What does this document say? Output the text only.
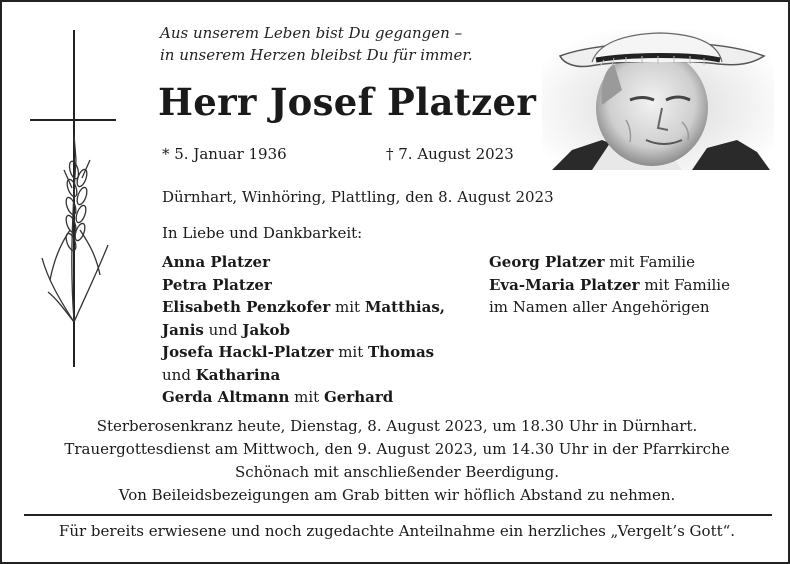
Aus unserem Leben bist Du gegangen –
in unserem Herzen bleibst Du für immer.
Herr Josef Platzer
* 5. Januar 1936	† 7. August 2023
Dürnhart, Winhöring, Plattling, den 8. August 2023
In Liebe und Dankbarkeit:
Anna Platzer
Petra Platzer
Elisabeth Penzkofer mit Matthias,
Janis und Jakob
Josefa Hackl-Platzer mit Thomas
und Katharina
Gerda Altmann mit Gerhard
Georg Platzer mit Familie
Eva-Maria Platzer mit Familie
im Namen aller Angehörigen
Sterberosenkranz heute, Dienstag, 8. August 2023, um 18.30 Uhr in Dürnhart.
Trauergottesdienst am Mittwoch, den 9. August 2023, um 14.30 Uhr in der Pfarrkirche
Schönach mit anschließender Beerdigung.
Von Beileidsbezeigungen am Grab bitten wir höflich Abstand zu nehmen.
Für bereits erwiesene und noch zugedachte Anteilnahme ein herzliches „Vergelt’s Gott“.
